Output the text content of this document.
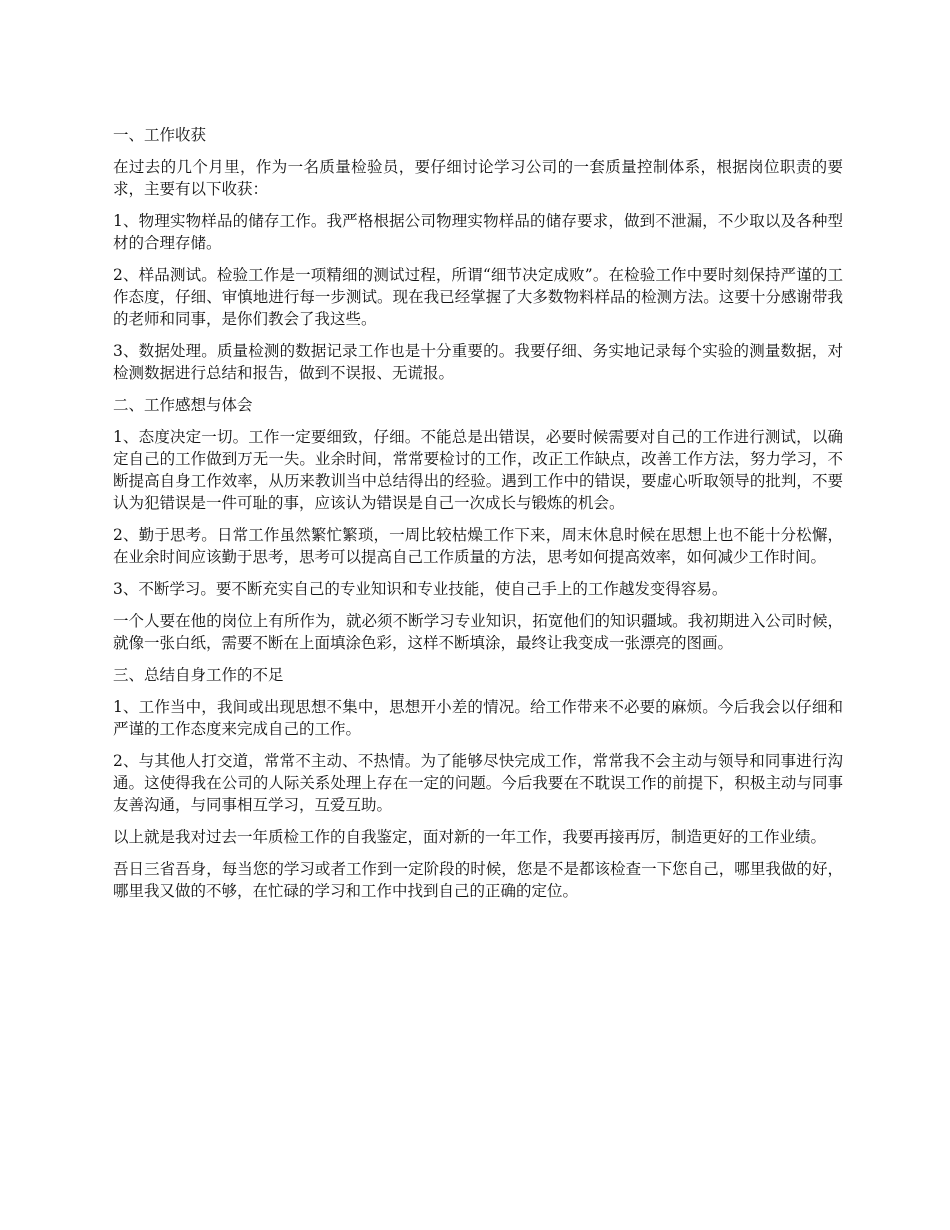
一、工作收获

在过去的几个月里，作为一名质量检验员，要仔细讨论学习公司的一套质量控制体系，根据岗位职责的要求，主要有以下收获：

1、物理实物样品的储存工作。我严格根据公司物理实物样品的储存要求，做到不泄漏，不少取以及各种型材的合理存储。

2、样品测试。检验工作是一项精细的测试过程，所谓“细节决定成败”。在检验工作中要时刻保持严谨的工作态度，仔细、审慎地进行每一步测试。现在我已经掌握了大多数物料样品的检测方法。这要十分感谢带我的老师和同事，是你们教会了我这些。

3、数据处理。质量检测的数据记录工作也是十分重要的。我要仔细、务实地记录每个实验的测量数据，对检测数据进行总结和报告，做到不误报、无谎报。

二、工作感想与体会

1、态度决定一切。工作一定要细致，仔细。不能总是出错误，必要时候需要对自己的工作进行测试，以确定自己的工作做到万无一失。业余时间，常常要检讨的工作，改正工作缺点，改善工作方法，努力学习，不断提高自身工作效率，从历来教训当中总结得出的经验。遇到工作中的错误，要虚心听取领导的批判，不要认为犯错误是一件可耻的事，应该认为错误是自己一次成长与锻炼的机会。

2、勤于思考。日常工作虽然繁忙繁琐，一周比较枯燥工作下来，周末休息时候在思想上也不能十分松懈，在业余时间应该勤于思考，思考可以提高自己工作质量的方法，思考如何提高效率，如何减少工作时间。

3、不断学习。要不断充实自己的专业知识和专业技能，使自己手上的工作越发变得容易。

一个人要在他的岗位上有所作为，就必须不断学习专业知识，拓宽他们的知识疆域。我初期进入公司时候，就像一张白纸，需要不断在上面填涂色彩，这样不断填涂，最终让我变成一张漂亮的图画。

三、总结自身工作的不足

1、工作当中，我间或出现思想不集中，思想开小差的情况。给工作带来不必要的麻烦。今后我会以仔细和严谨的工作态度来完成自己的工作。

2、与其他人打交道，常常不主动、不热情。为了能够尽快完成工作，常常我不会主动与领导和同事进行沟通。这使得我在公司的人际关系处理上存在一定的问题。今后我要在不耽误工作的前提下，积极主动与同事友善沟通，与同事相互学习，互爱互助。

以上就是我对过去一年质检工作的自我鉴定，面对新的一年工作，我要再接再厉，制造更好的工作业绩。

吾日三省吾身，每当您的学习或者工作到一定阶段的时候，您是不是都该检查一下您自己，哪里我做的好，哪里我又做的不够，在忙碌的学习和工作中找到自己的正确的定位。
